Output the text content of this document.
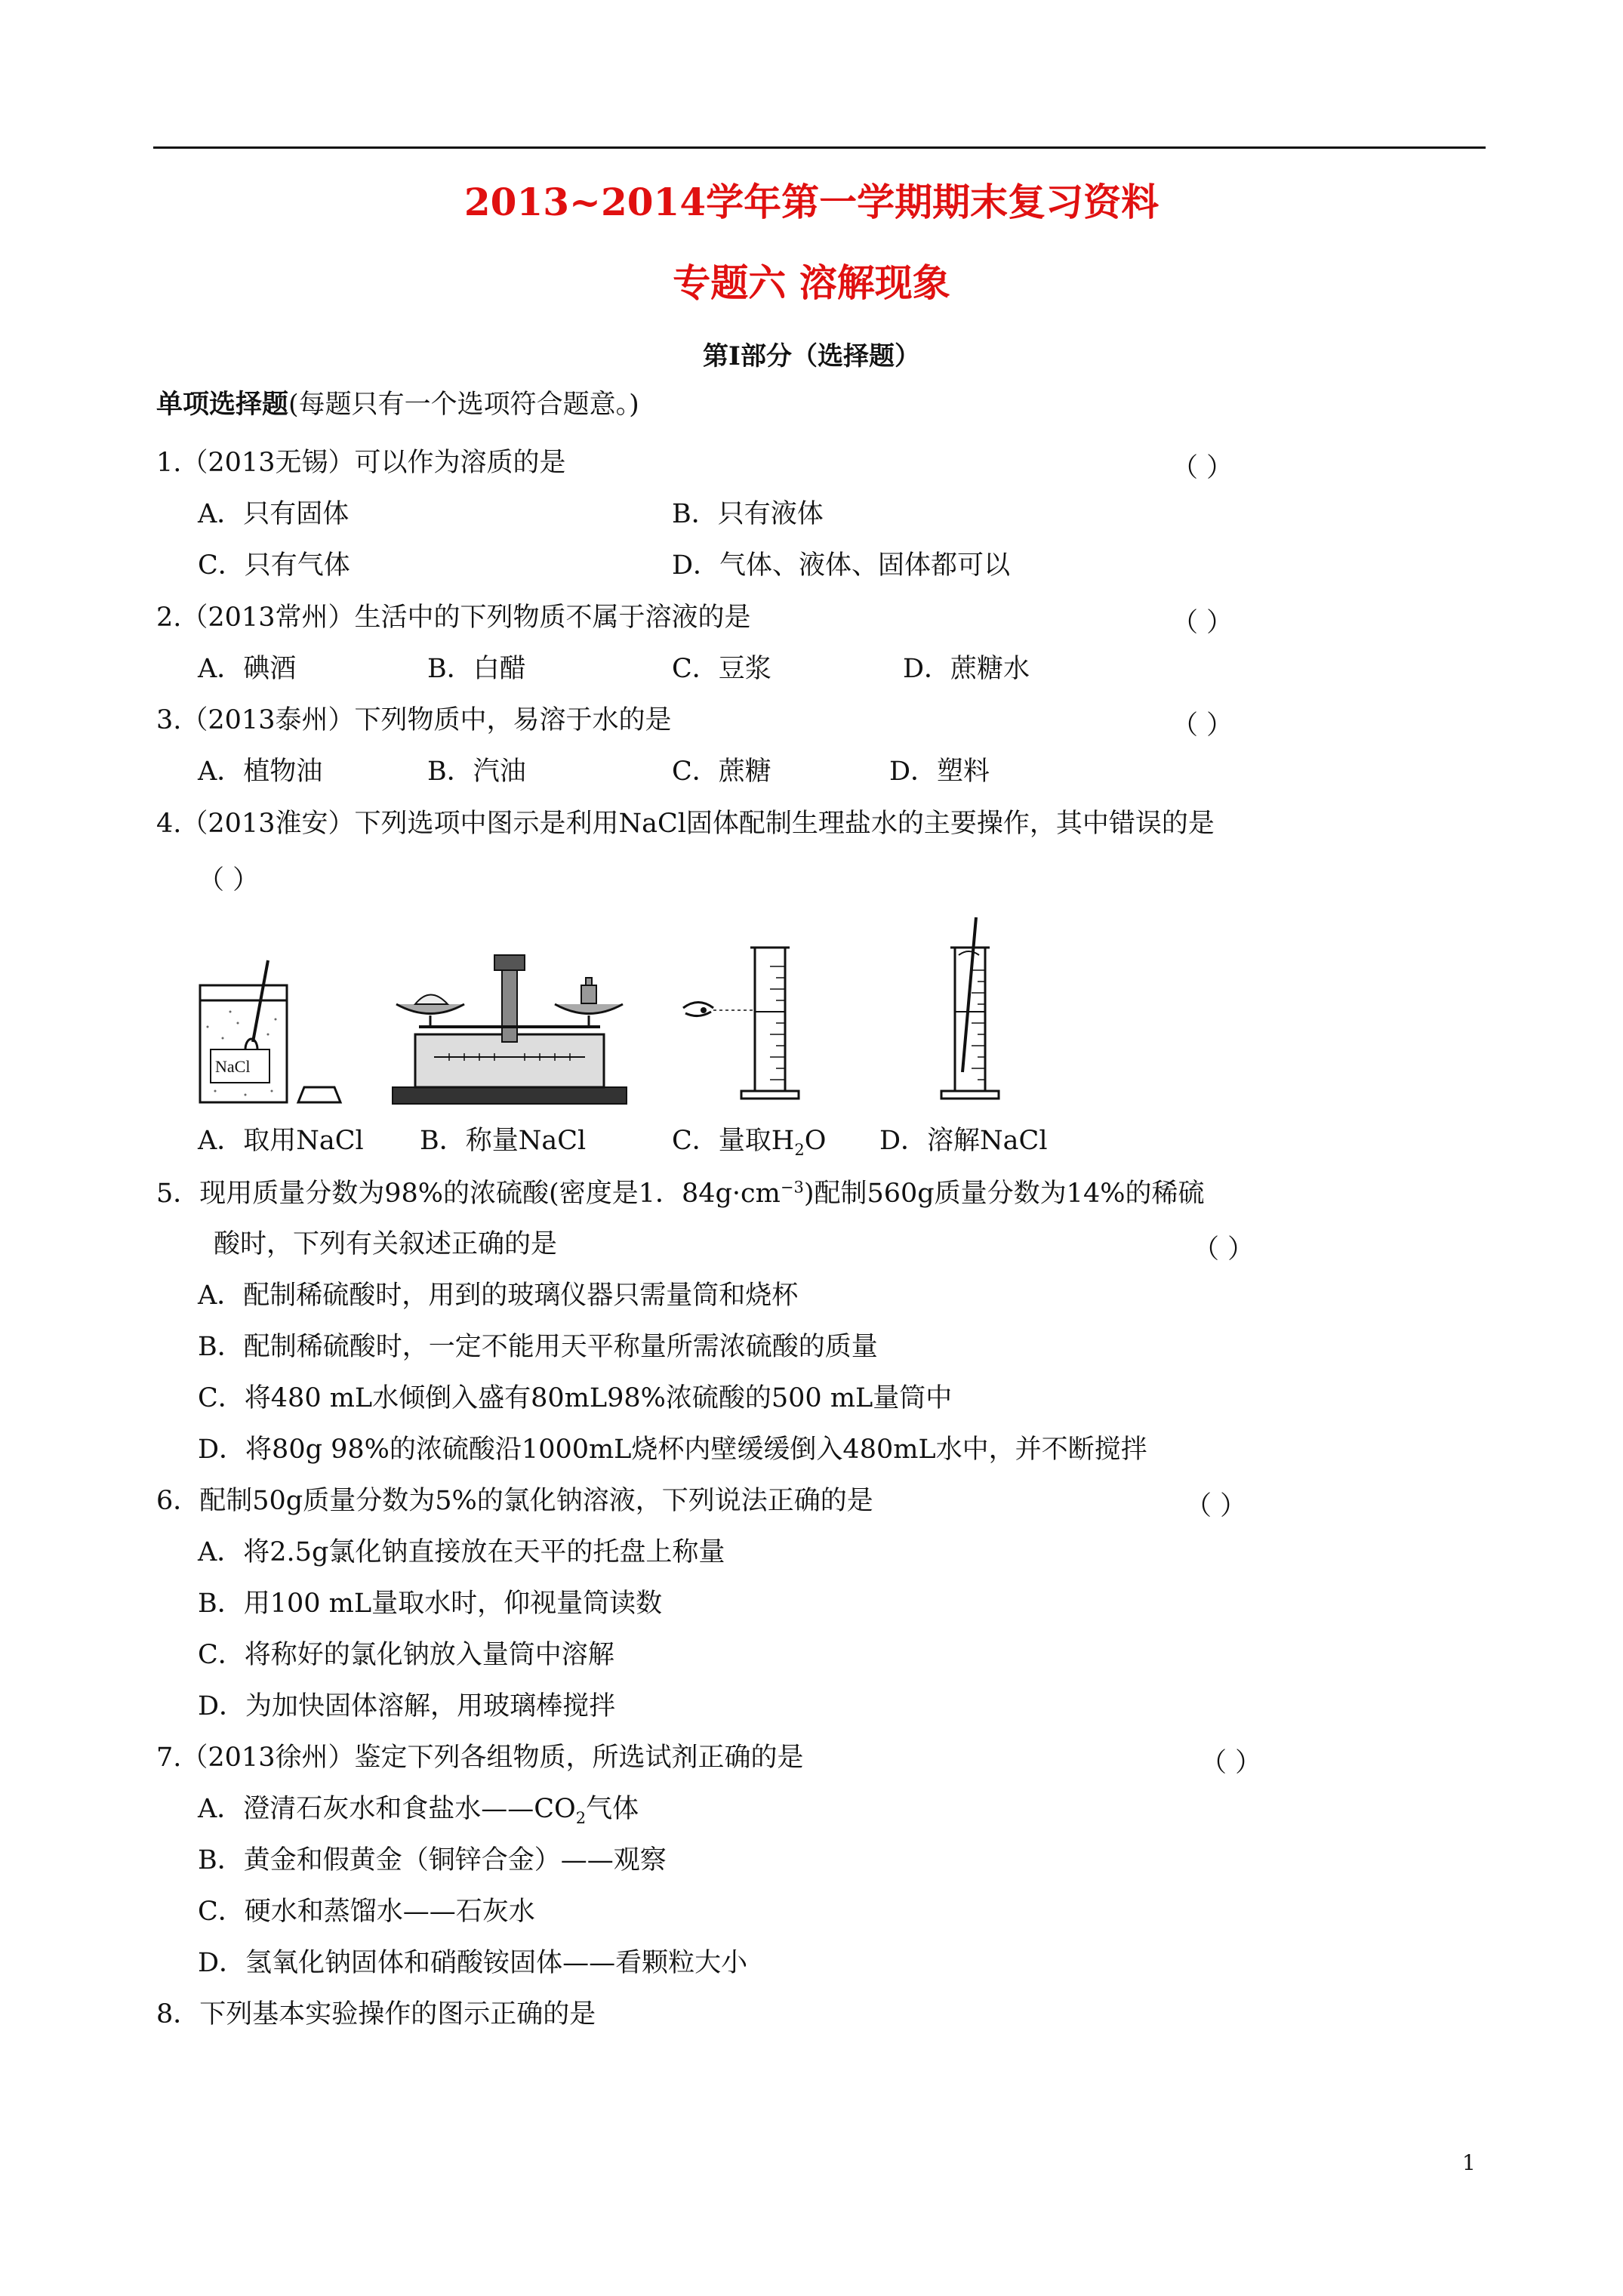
2013~2014学年第一学期期末复习资料
专题六 溶解现象
第Ⅰ部分（选择题）
单项选择题(每题只有一个选项符合题意。)
1.（2013无锡）可以作为溶质的是	（ ）
A．只有固体	B．只有液体
C．只有气体	D．气体、液体、固体都可以
2.（2013常州）生活中的下列物质不属于溶液的是	（ ）
A．碘酒	B．白醋	C．豆浆	D．蔗糖水
3.（2013泰州）下列物质中，易溶于水的是	（ ）
A．植物油	B．汽油	C．蔗糖	D．塑料
4.（2013淮安）下列选项中图示是利用NaCl固体配制生理盐水的主要操作，其中错误的是
（ ）
NaCl
A．取用NaCl B．称量NaCl	C．量取$H_2O$ D．溶解NaCl
5．现用质量分数为98%的浓硫酸(密度是1．$84g\cdot cm^{-3}$)配制560g质量分数为14%的稀硫
酸时，下列有关叙述正确的是	（ ）
A．配制稀硫酸时，用到的玻璃仪器只需量筒和烧杯
B．配制稀硫酸时，一定不能用天平称量所需浓硫酸的质量
C．将480 mL水倾倒入盛有80mL98%浓硫酸的500 mL量筒中
D．将80g 98%的浓硫酸沿1000mL烧杯内壁缓缓倒入480mL水中，并不断搅拌
6．配制50g质量分数为5%的氯化钠溶液，下列说法正确的是	（ ）
A．将2.5g氯化钠直接放在天平的托盘上称量
B．用100 mL量取水时，仰视量筒读数
C．将称好的氯化钠放入量筒中溶解
D．为加快固体溶解，用玻璃棒搅拌
7.（2013徐州）鉴定下列各组物质，所选试剂正确的是	（ ）
A．澄清石灰水和食盐水$——CO_2$气体
B．黄金和假黄金（铜锌合金）——观察
C．硬水和蒸馏水——石灰水
D．氢氧化钠固体和硝酸铵固体——看颗粒大小
8．下列基本实验操作的图示正确的是
1
